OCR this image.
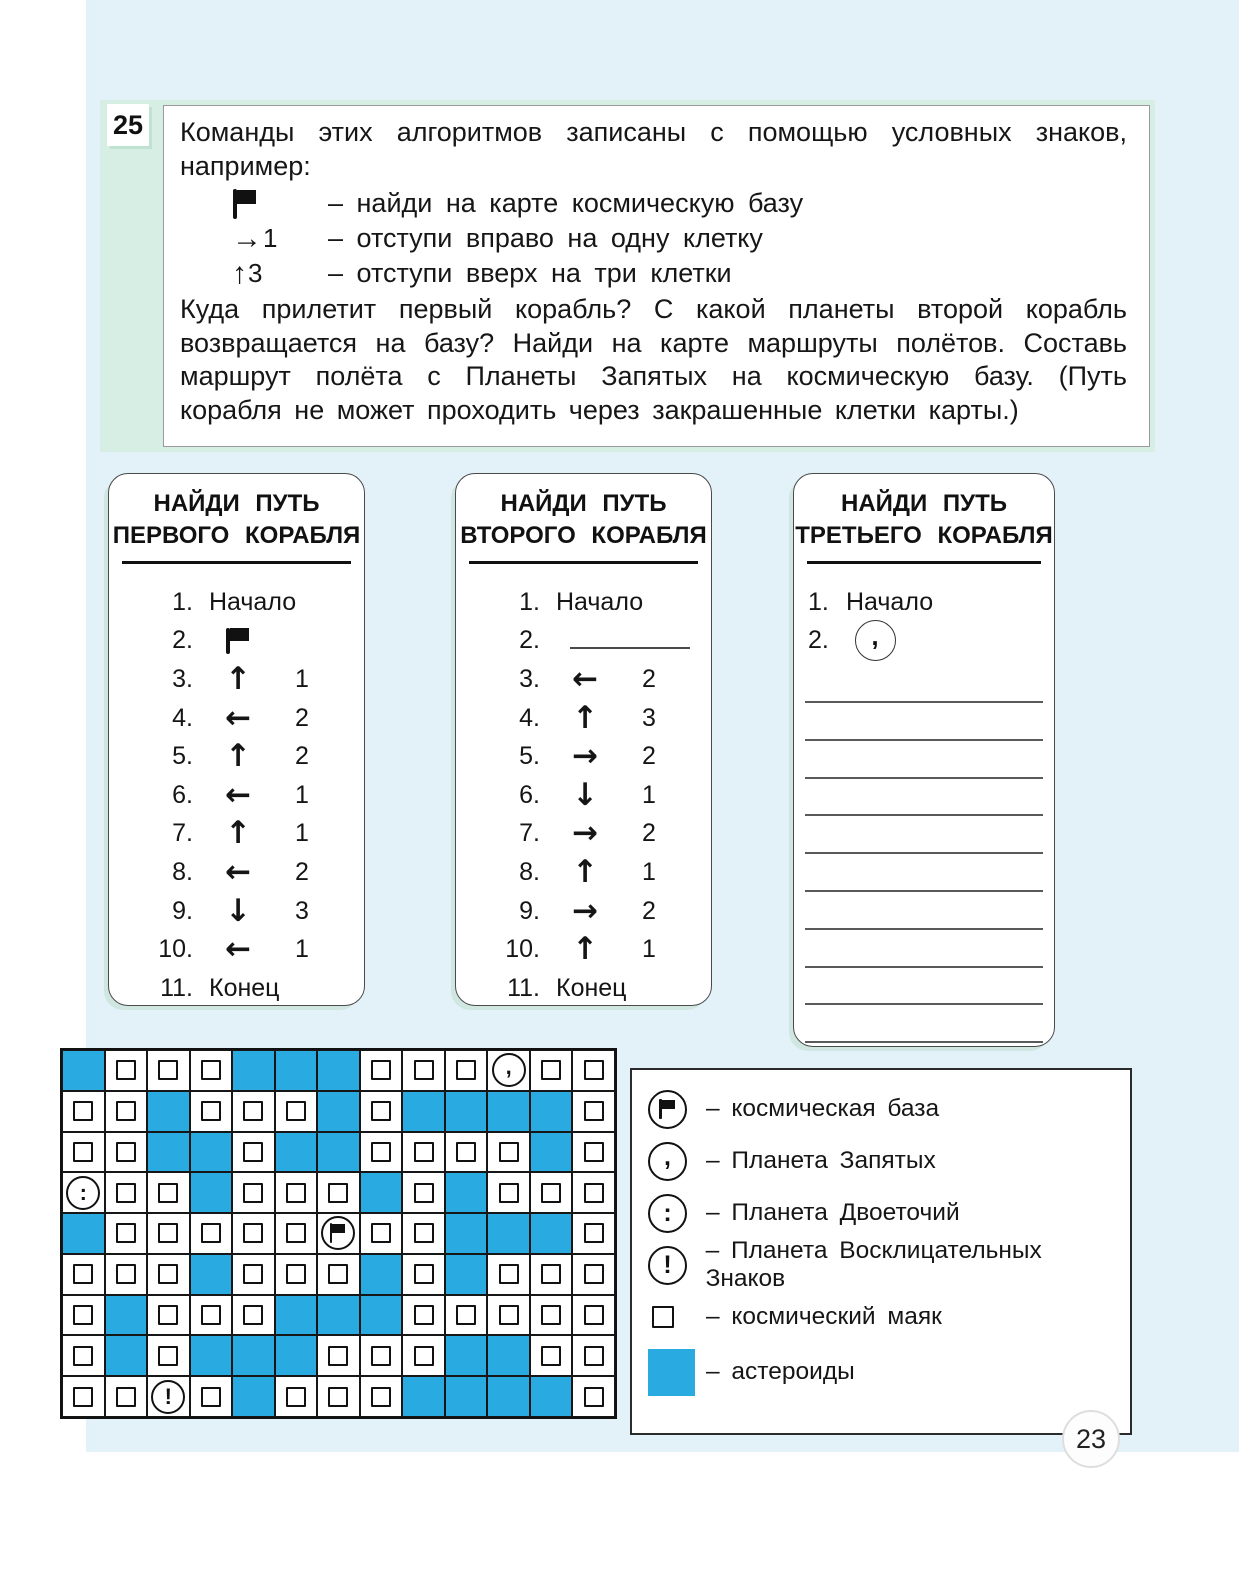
25 Команды этих алгоритмов записаны с помощью условных знаков, например:

– найди на карте космическую базу
→ 1 – отступи вправо на одну клетку
↑ 3 – отступи вверх на три клетки

Куда прилетит первый корабль? С какой планеты второй корабль возвращается на базу? Найди на карте маршруты полётов. Составь маршрут полёта с Планеты Запятых на космическую базу. (Путь корабля не может проходить через закрашенные клетки карты.)

НАЙДИ ПУТЬ
ПЕРВОГО КОРАБЛЯ
1. Начало
2.
3. ↑ 1
4. ← 2
5. ↑ 2
6. ← 1
7. ↑ 1
8. ← 2
9. ↓ 3
10. ← 1
11. Конец
НАЙДИ ПУТЬ
ВТОРОГО КОРАБЛЯ
1. Начало
2.
3. ← 2
4. ↑ 3
5. → 2
6. ↓ 1
7. → 2
8. ↑ 1
9. → 2
10. ↑ 1
11. Конец
НАЙДИ ПУТЬ
ТРЕТЬЕГО КОРАБЛЯ
1. Начало
2.	,
,
:
!
– космическая база
,	– Планета Запятых
:	– Планета Двоеточий
!	– Планета Восклицательных Знаков
– космический маяк
– астероиды
23
